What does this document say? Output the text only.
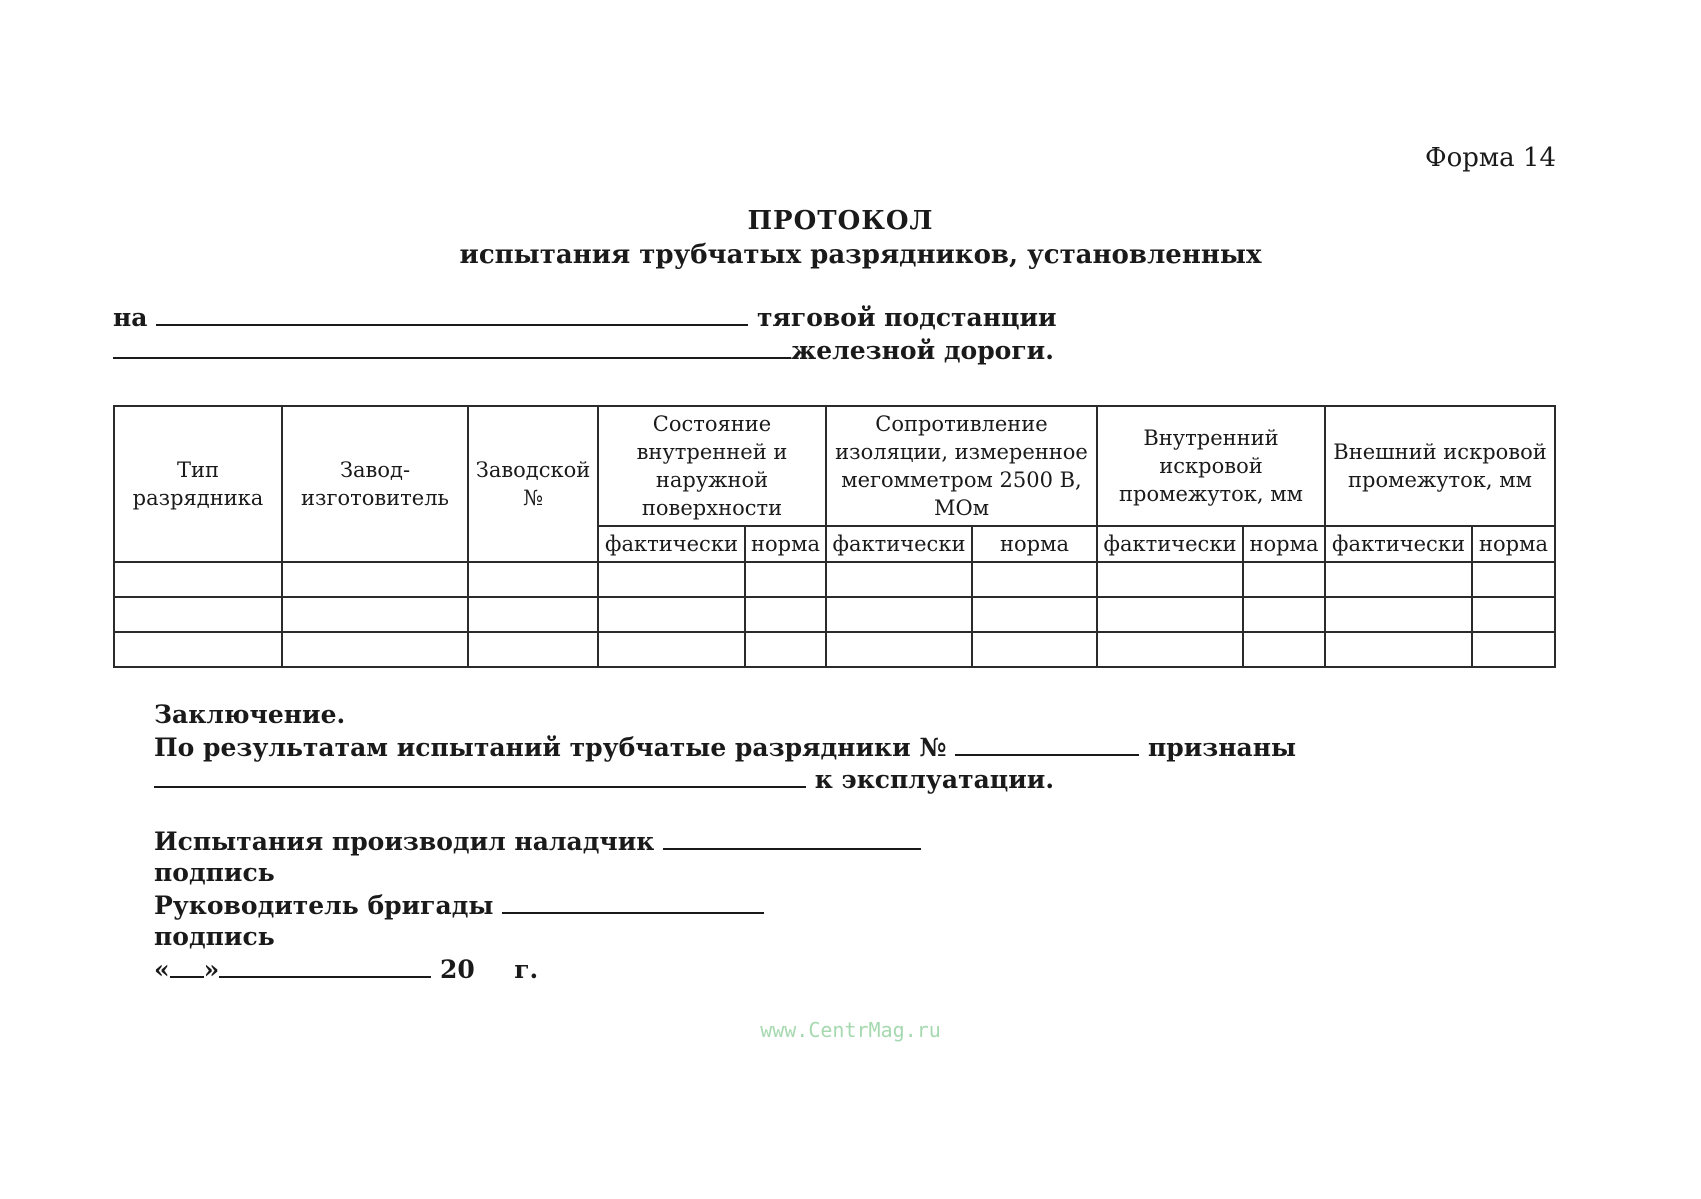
Форма 14
ПРОТОКОЛ
испытания трубчатых разрядников, установленных
на	тяговой подстанции
железной дороги.
Тип разрядника	Завод-изготовитель	Заводской №	Состояние внутренней и наружной поверхности		Сопротивление изоляции, измеренное мегомметром 2500 В, МОм		Внутренний искровой промежуток, мм		Внешний искровой промежуток, мм	
			фактически	норма	фактически	норма	фактически	норма	фактически	норма

Заключение.
По результатам испытаний трубчатые разрядники №	признаны
к эксплуатации.
Испытания производил наладчик
подпись
Руководитель бригады
подпись
« »	20 г.
www.CentrMag.ru
